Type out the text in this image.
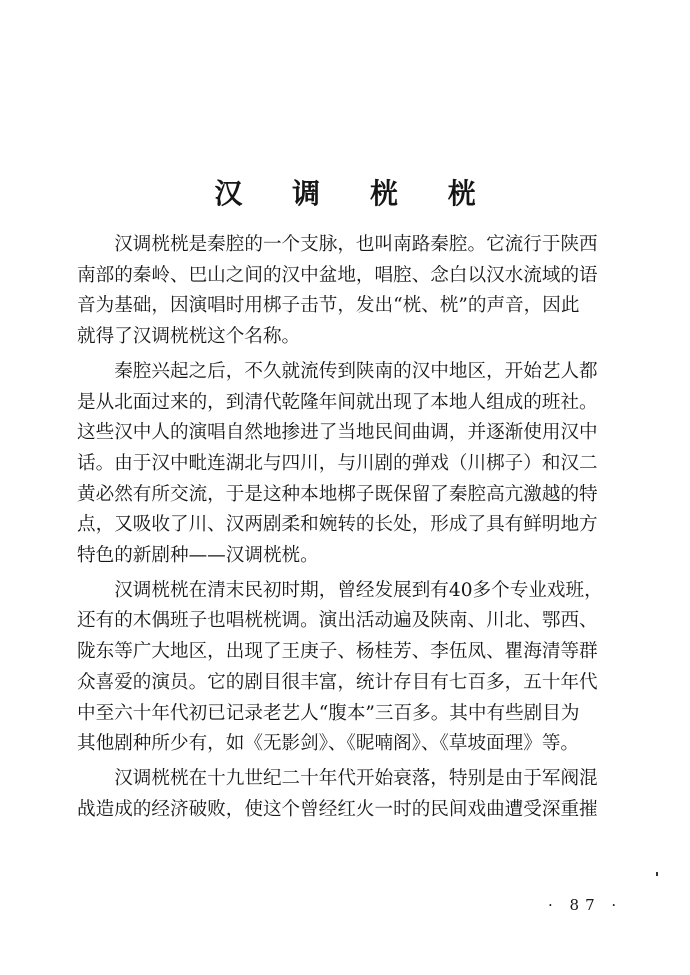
汉 调 桄 桄

　　汉调桄桄是秦腔的一个支脉，也叫南路秦腔。它流行于陕西
南部的秦岭、巴山之间的汉中盆地，唱腔、念白以汉水流域的语
音为基础，因演唱时用梆子击节，发出“桄、桄”的声音，因此
就得了汉调桄桄这个名称。

　　秦腔兴起之后，不久就流传到陕南的汉中地区，开始艺人都
是从北面过来的，到清代乾隆年间就出现了本地人组成的班社。
这些汉中人的演唱自然地掺进了当地民间曲调，并逐渐使用汉中
话。由于汉中毗连湖北与四川，与川剧的弹戏（川梆子）和汉二
黄必然有所交流，于是这种本地梆子既保留了秦腔高亢激越的特
点，又吸收了川、汉两剧柔和婉转的长处，形成了具有鲜明地方
特色的新剧种——汉调桄桄。

　　汉调桄桄在清末民初时期，曾经发展到有40多个专业戏班，
还有的木偶班子也唱桄桄调。演出活动遍及陕南、川北、鄂西、
陇东等广大地区，出现了王庚子、杨桂芳、李伍凤、瞿海清等群
众喜爱的演员。它的剧目很丰富，统计存目有七百多，五十年代
中至六十年代初已记录老艺人“腹本”三百多。其中有些剧目为
其他剧种所少有，如《无影剑》、《昵喃阁》、《草坡面理》等。

　　汉调桄桄在十九世纪二十年代开始衰落，特别是由于军阀混
战造成的经济破败，使这个曾经红火一时的民间戏曲遭受深重摧

· 87 ·
